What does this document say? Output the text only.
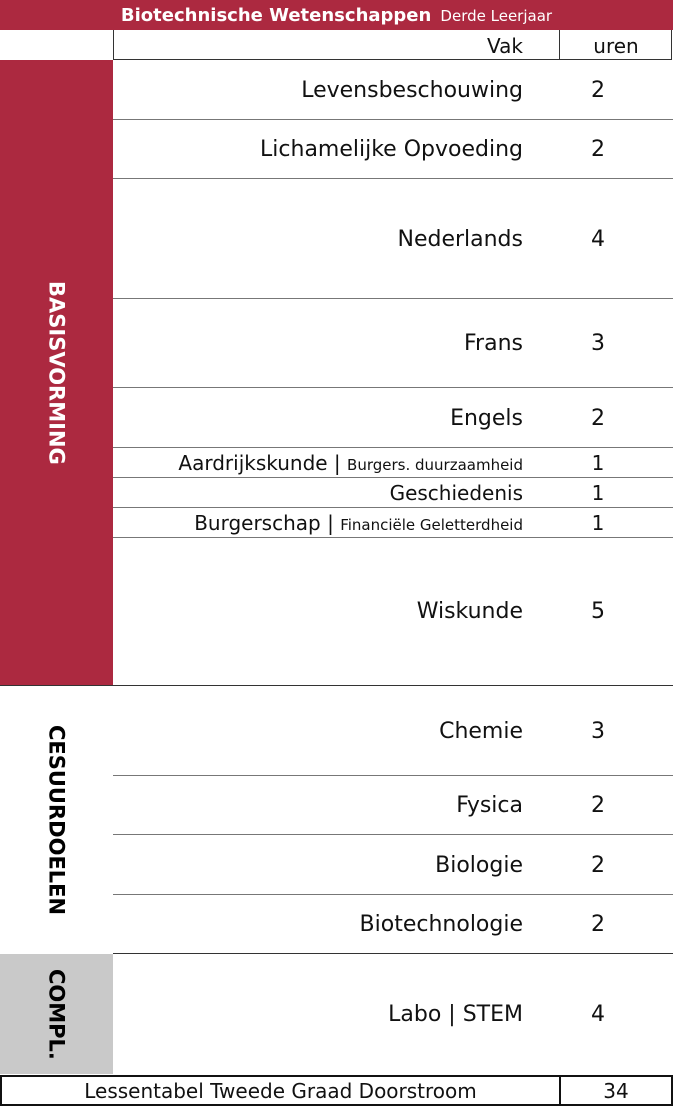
Biotechnische Wetenschappen Derde Leerjaar
Vak	uren
BASISVORMING
CESUURDOELEN
COMPL.
Levensbeschouwing	2
Lichamelijke Opvoeding	2
Nederlands	4
Frans	3
Engels	2
Aardrijkskunde | Burgers. duurzaamheid	1
Geschiedenis	1
Burgerschap | Financiële Geletterdheid	1
Wiskunde	5
Chemie	3
Fysica	2
Biologie	2
Biotechnologie	2
Labo | STEM	4
Lessentabel Tweede Graad Doorstroom	34
